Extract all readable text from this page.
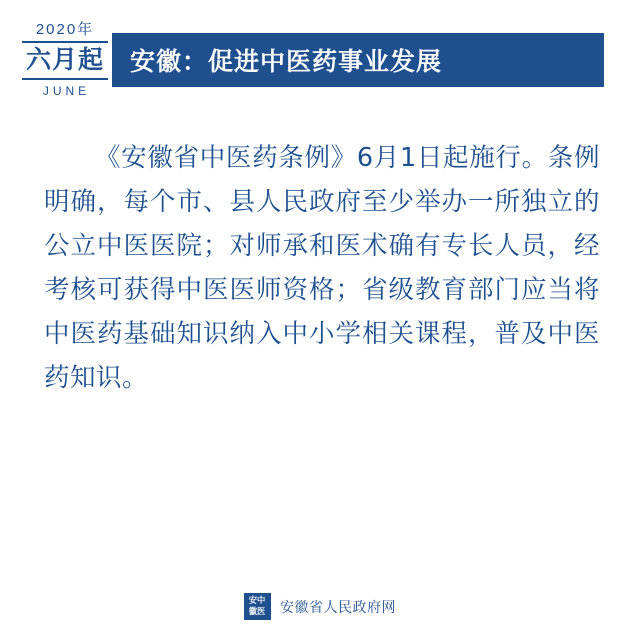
2020年
六月起
JUNE
安徽：促进中医药事业发展
《安徽省中医药条例》6月1日起施行。条例明确，每个市、县人民政府至少举办一所独立的公立中医医院；对师承和医术确有专长人员，经考核可获得中医医师资格；省级教育部门应当将中医药基础知识纳入中小学相关课程，普及中医药知识。
安中
徽医 安徽省人民政府网
